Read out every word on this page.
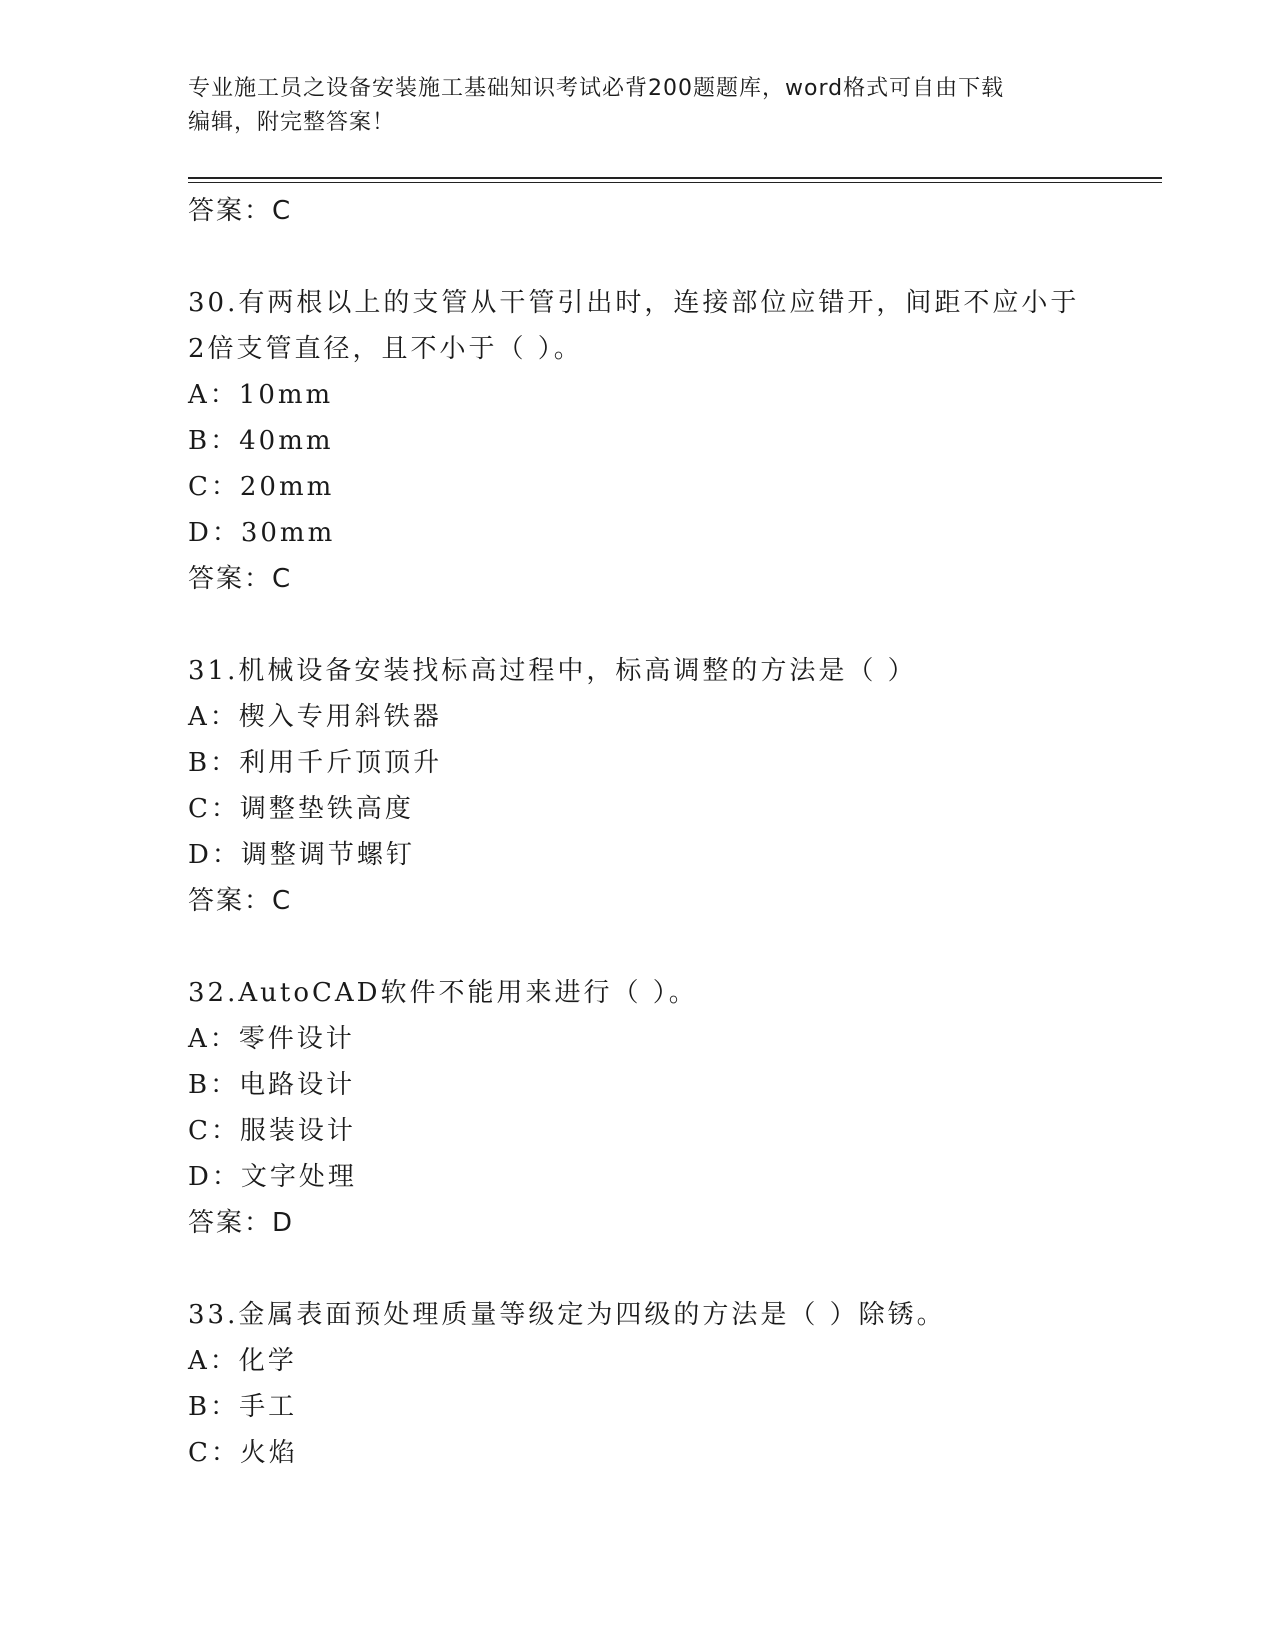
专业施工员之设备安装施工基础知识考试必背200题题库，word格式可自由下载
编辑，附完整答案！
答案：C
30.有两根以上的支管从干管引出时，连接部位应错开，间距不应小于
2倍支管直径，且不小于（ ）。
A：10mm
B：40mm
C：20mm
D：30mm
答案：C
31.机械设备安装找标高过程中，标高调整的方法是（ ）
A：楔入专用斜铁器
B：利用千斤顶顶升
C：调整垫铁高度
D：调整调节螺钉
答案：C
32.AutoCAD软件不能用来进行（ ）。
A：零件设计
B：电路设计
C：服装设计
D：文字处理
答案：D
33.金属表面预处理质量等级定为四级的方法是（ ）除锈。
A：化学
B：手工
C：火焰
